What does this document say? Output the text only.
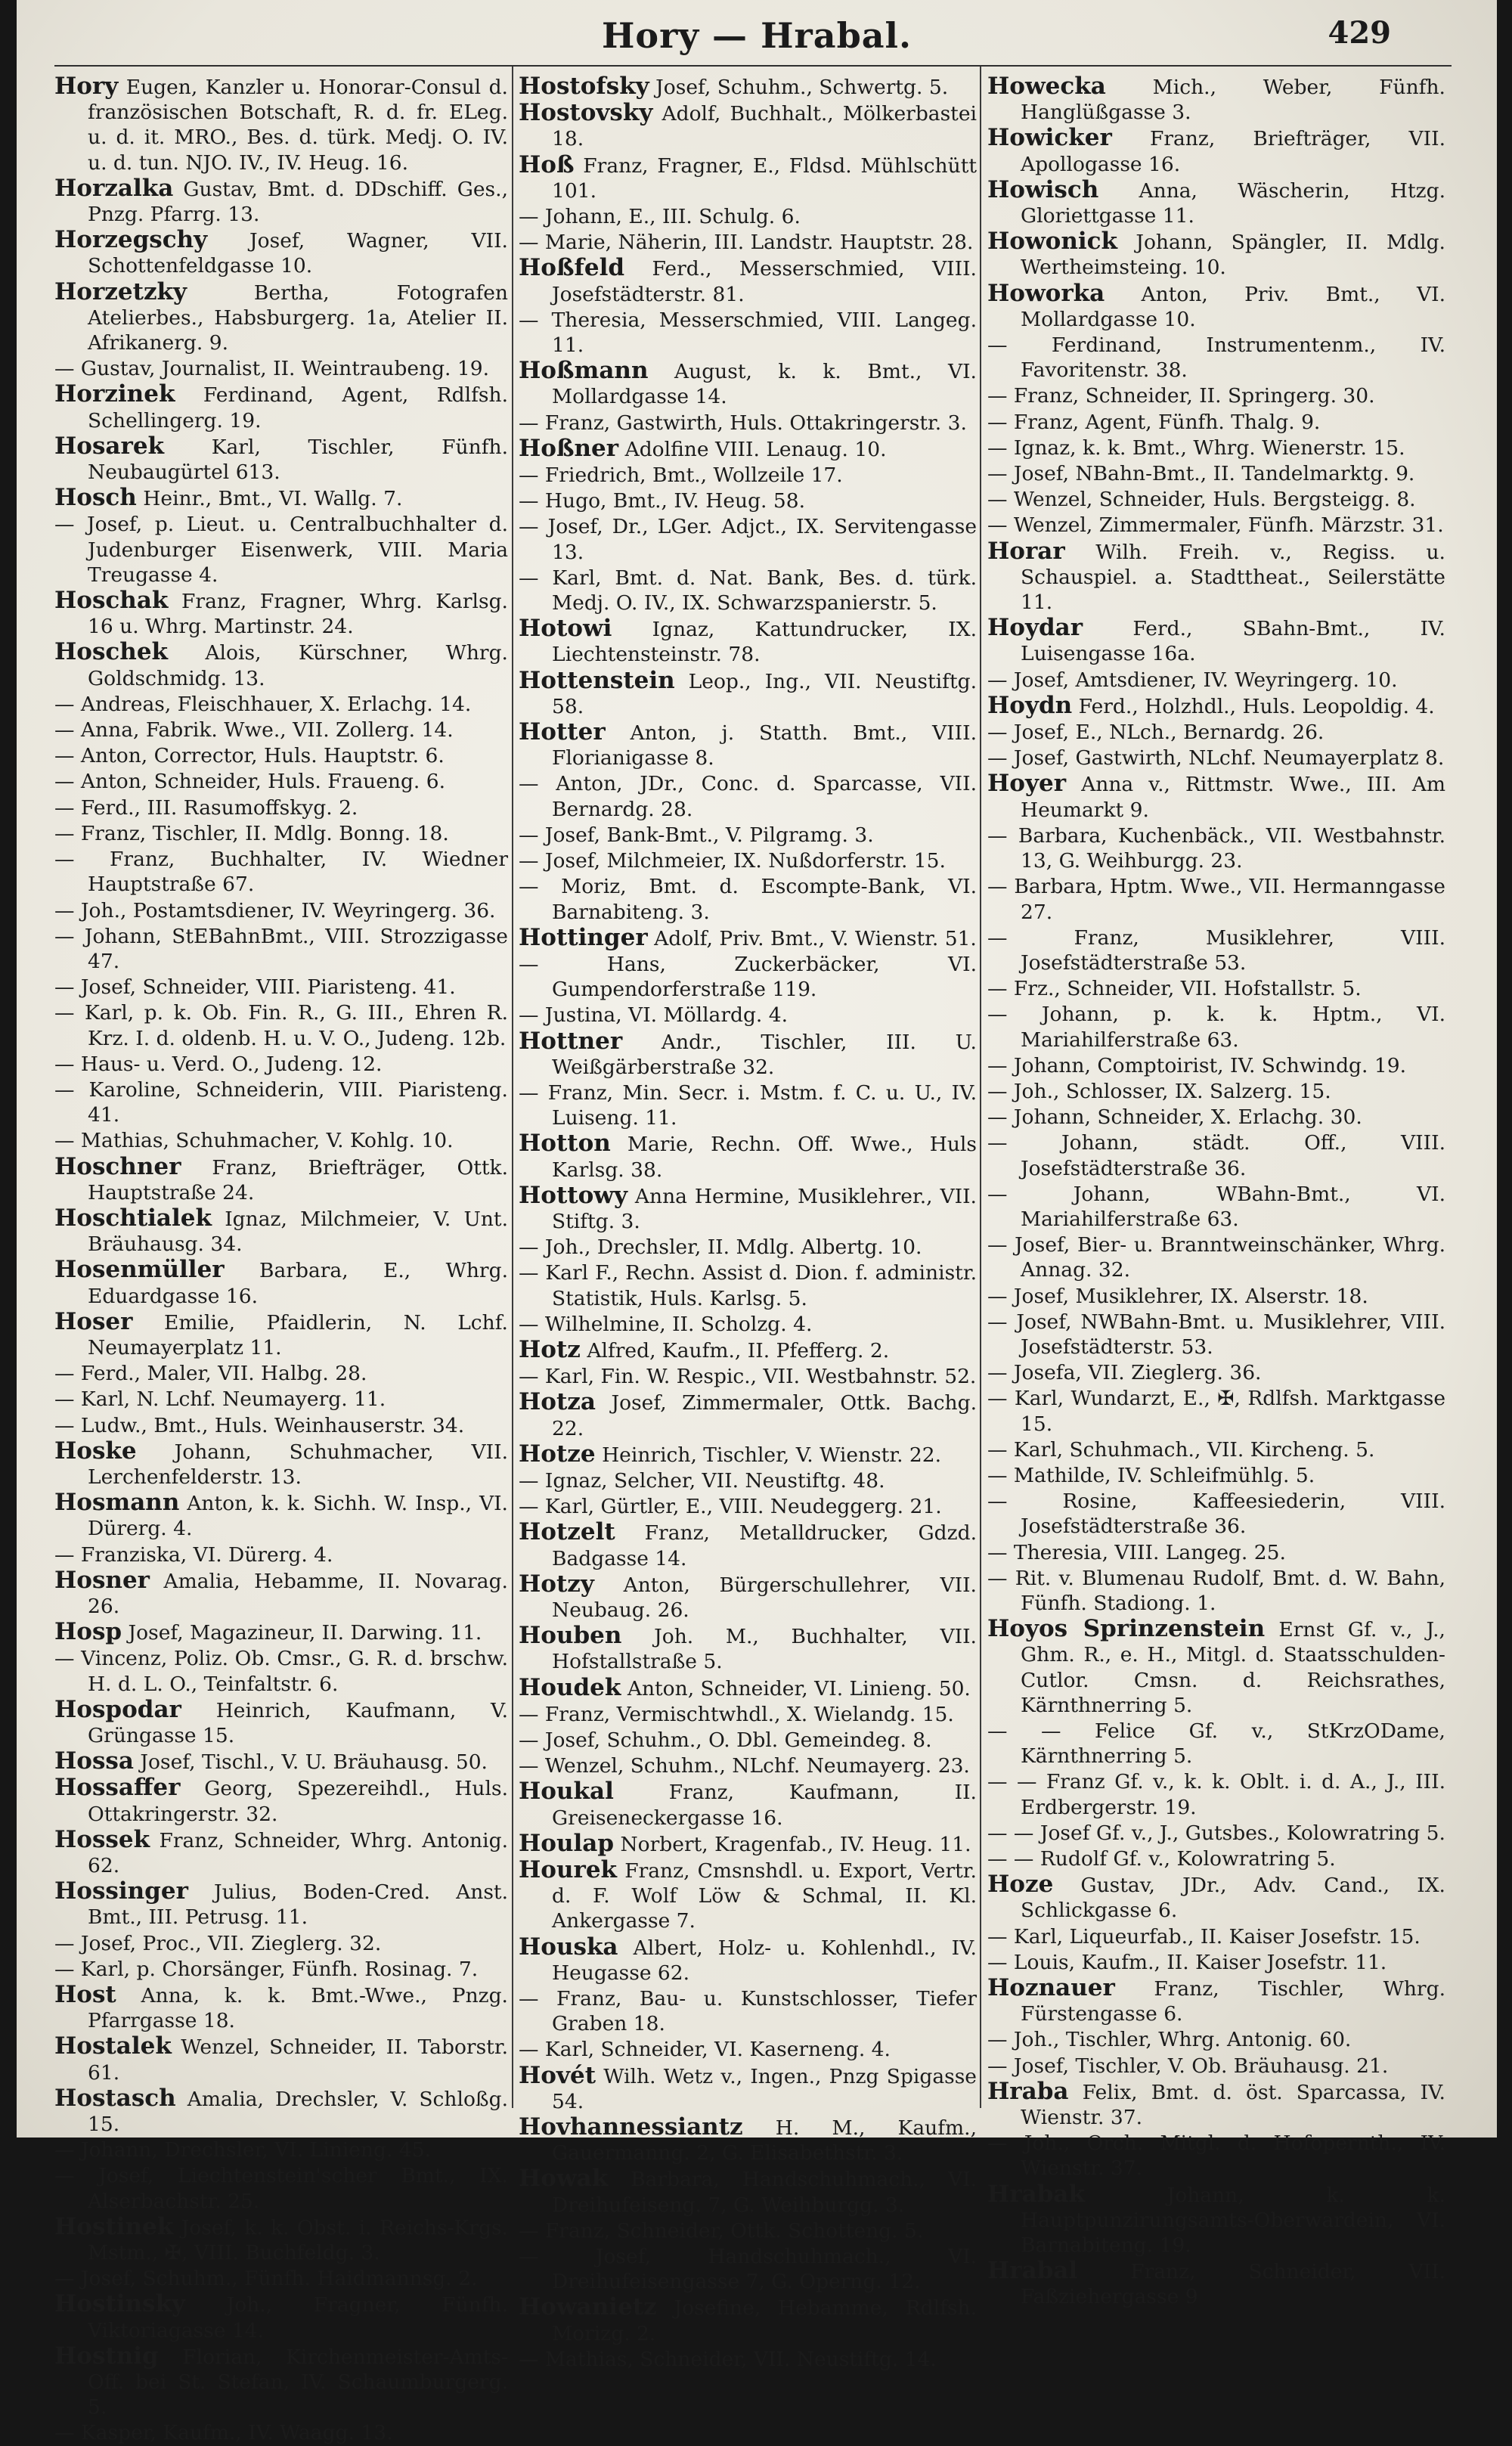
Hory — Hrabal.	429
Hory Eugen, Kanzler u. Honorar-Consul d. französischen Botschaft, R. d. fr. ELeg. u. d. it. MRO., Bes. d. türk. Medj. O. IV. u. d. tun. NJO. IV., IV. Heug. 16.
Horzalka Gustav, Bmt. d. DDschiff. Ges., Pnzg. Pfarrg. 13.
Horzegschy Josef, Wagner, VII. Schottenfeldgasse 10.
Horzetzky	Bertha, Fotografen Atelierbes., Habsburgerg. 1a, Atelier II. Afrikanerg. 9.
— Gustav, Journalist, II. Weintraubeng. 19.
Horzinek Ferdinand, Agent, Rdlfsh. Schellingerg. 19.
Hosarek Karl, Tischler, Fünfh. Neubaugürtel 613.
Hosch Heinr., Bmt., VI. Wallg. 7.
— Josef, p. Lieut. u. Centralbuchhalter d. Judenburger Eisenwerk, VIII. Maria Treugasse 4.
Hoschak Franz, Fragner, Whrg. Karlsg. 16 u. Whrg. Martinstr. 24.
Hoschek Alois, Kürschner, Whrg. Goldschmidg. 13.
— Andreas, Fleischhauer, X. Erlachg. 14.
— Anna, Fabrik. Wwe., VII. Zollerg. 14.
— Anton, Corrector, Huls. Hauptstr. 6.
— Anton, Schneider, Huls. Fraueng. 6.
— Ferd., III. Rasumoffskyg. 2.
— Franz, Tischler, II. Mdlg. Bonng. 18.
— Franz, Buchhalter, IV. Wiedner Hauptstraße 67.
— Joh., Postamtsdiener, IV. Weyringerg. 36.
— Johann, StEBahnBmt., VIII. Strozzigasse 47.
— Josef, Schneider, VIII. Piaristeng. 41.
— Karl, p. k. Ob. Fin. R., G. III., Ehren R. Krz. I. d. oldenb. H. u. V. O., Judeng. 12b.
— Haus- u. Verd. O., Judeng. 12.
— Karoline, Schneiderin, VIII. Piaristeng. 41.
— Mathias, Schuhmacher, V. Kohlg. 10.
Hoschner Franz, Briefträger, Ottk. Hauptstraße 24.
Hoschtialek Ignaz, Milchmeier, V. Unt. Bräuhausg. 34.
Hosenmüller Barbara, E., Whrg. Eduardgasse 16.
Hoser Emilie, Pfaidlerin, N. Lchf. Neumayerplatz 11.
— Ferd., Maler, VII. Halbg. 28.
— Karl, N. Lchf. Neumayerg. 11.
— Ludw., Bmt., Huls. Weinhauserstr. 34.
Hoske Johann, Schuhmacher, VII. Lerchenfelderstr. 13.
Hosmann Anton, k. k. Sichh. W. Insp., VI. Dürerg. 4.
— Franziska, VI. Dürerg. 4.
Hosner Amalia, Hebamme, II. Novarag. 26.
Hosp Josef, Magazineur, II. Darwing. 11.
— Vincenz, Poliz. Ob. Cmsr., G. R. d. brschw. H. d. L. O., Teinfaltstr. 6.
Hospodar Heinrich, Kaufmann, V. Grüngasse 15.
Hossa Josef, Tischl., V. U. Bräuhausg. 50.
Hossaffer Georg, Spezereihdl., Huls. Ottakringerstr. 32.
Hossek Franz, Schneider, Whrg. Antonig. 62.
Hossinger Julius, Boden-Cred. Anst. Bmt., III. Petrusg. 11.
— Josef, Proc., VII. Zieglerg. 32.
— Karl, p. Chorsänger, Fünfh. Rosinag. 7.
Host Anna, k. k. Bmt.-Wwe., Pnzg. Pfarrgasse 18.
Hostalek Wenzel, Schneider, II. Taborstr. 61.
Hostasch Amalia, Drechsler, V. Schloßg. 15.
— Johann, Drechsler, VI. Linieng. 45.
— Josef, Liechtenstein'scher Bmt., IX. Alserbachstr. 25.
Hostinek Josef, k. k. Obst. i. Reichs-Krgs. Mstm., ✠, VIII. Buchfeldg. 3.
— Josef, Schuhm., Fünfh. Haidmannsg. 2.
Hostinsky Joh., Fragner, Fünfh. Viktoriagasse 14.
Hostnig Florian, Kirchenmeister-Amts-Off. bei St. Stefan, IV. Schaumburgerg. 5.
— Kasper, Kaufm., IV. Waagg. 13.
Hostofsky Josef, Schuhm., Schwertg. 5.
Hostovsky Adolf, Buchhalt., Mölkerbastei 18.
Hoß Franz, Fragner, E., Fldsd. Mühlschütt 101.
— Johann, E., III. Schulg. 6.
— Marie, Näherin, III. Landstr. Hauptstr. 28.
Hoßfeld Ferd., Messerschmied, VIII. Josefstädterstr. 81.
— Theresia, Messerschmied, VIII. Langeg. 11.
Hoßmann August, k. k. Bmt., VI. Mollardgasse 14.
— Franz, Gastwirth, Huls. Ottakringerstr. 3.
Hoßner Adolfine VIII. Lenaug. 10.
— Friedrich, Bmt., Wollzeile 17.
— Hugo, Bmt., IV. Heug. 58.
— Josef, Dr., LGer. Adjct., IX. Servitengasse 13.
— Karl, Bmt. d. Nat. Bank, Bes. d. türk. Medj. O. IV., IX. Schwarzspanierstr. 5.
Hotowi Ignaz, Kattundrucker, IX. Liechtensteinstr. 78.
Hottenstein Leop., Ing., VII. Neustiftg. 58.
Hotter Anton, j. Statth. Bmt., VIII. Florianigasse 8.
— Anton, JDr., Conc. d. Sparcasse, VII. Bernardg. 28.
— Josef, Bank-Bmt., V. Pilgramg. 3.
— Josef, Milchmeier, IX. Nußdorferstr. 15.
— Moriz, Bmt. d. Escompte-Bank, VI. Barnabiteng. 3.
Hottinger Adolf, Priv. Bmt., V. Wienstr. 51.
— Hans, Zuckerbäcker, VI. Gumpendorferstraße 119.
— Justina, VI. Möllardg. 4.
Hottner Andr., Tischler, III. U. Weißgärberstraße 32.
— Franz, Min. Secr. i. Mstm. f. C. u. U., IV. Luiseng. 11.
Hotton Marie, Rechn. Off. Wwe., Huls Karlsg. 38.
Hottowy Anna Hermine, Musiklehrer., VII. Stiftg. 3.
— Joh., Drechsler, II. Mdlg. Albertg. 10.
— Karl F., Rechn. Assist d. Dion. f. administr. Statistik, Huls. Karlsg. 5.
— Wilhelmine, II. Scholzg. 4.
Hotz Alfred, Kaufm., II. Pfefferg. 2.
— Karl, Fin. W. Respic., VII. Westbahnstr. 52.
Hotza Josef, Zimmermaler, Ottk. Bachg. 22.
Hotze Heinrich, Tischler, V. Wienstr. 22.
— Ignaz, Selcher, VII. Neustiftg. 48.
— Karl, Gürtler, E., VIII. Neudeggerg. 21.
Hotzelt Franz, Metalldrucker, Gdzd. Badgasse 14.
Hotzy Anton, Bürgerschullehrer, VII. Neubaug. 26.
Houben Joh. M., Buchhalter, VII. Hofstallstraße 5.
Houdek Anton, Schneider, VI. Linieng. 50.
— Franz, Vermischtwhdl., X. Wielandg. 15.
— Josef, Schuhm., O. Dbl. Gemeindeg. 8.
— Wenzel, Schuhm., NLchf. Neumayerg. 23.
Houkal	Franz, Kaufmann, II. Greiseneckergasse 16.
Houlap Norbert, Kragenfab., IV. Heug. 11.
Hourek Franz, Cmsnshdl. u. Export, Vertr. d. F. Wolf Löw & Schmal, II. Kl. Ankergasse 7.
Houska Albert, Holz- u. Kohlenhdl., IV. Heugasse 62.
— Franz, Bau- u. Kunstschlosser, Tiefer Graben 18.
— Karl, Schneider, VI. Kaserneng. 4.
Hovét Wilh. Wetz v., Ingen., Pnzg Spigasse 54.
Hovhannessiantz H. M., Kaufm., Gauermanng. 2, G. Elisabethstr. 3.
Howak Barbara, Handschuhmach., VI. Dreihufeiseng. 7, G. Weihburgg. 3.
— Franz, Schneider, Ottk. Schotteng. 5.
— Josef, Handschuhmach., VI. Dreihufeisengasse 7, G. Operng. 12.
Howanietz Josefine, Hebamme, Rdlfsh. Morizg. 2.
— Mathias, Schneider, VII. Neustiftg. 14.
Howecka Mich., Weber, Fünfh. Hanglüßgasse 3.
Howicker Franz, Briefträger, VII. Apollogasse 16.
Howisch Anna, Wäscherin, Htzg. Gloriettgasse 11.
Howonick Johann, Spängler, II. Mdlg. Wertheimsteing. 10.
Howorka Anton, Priv. Bmt., VI. Mollardgasse 10.
— Ferdinand, Instrumentenm., IV. Favoritenstr. 38.
— Franz, Schneider, II. Springerg. 30.
— Franz, Agent, Fünfh. Thalg. 9.
— Ignaz, k. k. Bmt., Whrg. Wienerstr. 15.
— Josef, NBahn-Bmt., II. Tandelmarktg. 9.
— Wenzel, Schneider, Huls. Bergsteigg. 8.
— Wenzel, Zimmermaler, Fünfh. Märzstr. 31.
Horar Wilh. Freih. v., Regiss. u. Schauspiel. a. Stadttheat., Seilerstätte 11.
Hoydar	Ferd., SBahn-Bmt., IV. Luisengasse 16a.
— Josef, Amtsdiener, IV. Weyringerg. 10.
Hoydn Ferd., Holzhdl., Huls. Leopoldig. 4.
— Josef, E., NLch., Bernardg. 26.
— Josef, Gastwirth, NLchf. Neumayerplatz 8.
Hoyer Anna v., Rittmstr. Wwe., III. Am Heumarkt 9.
— Barbara, Kuchenbäck., VII. Westbahnstr. 13, G. Weihburgg. 23.
— Barbara, Hptm. Wwe., VII. Hermanngasse 27.
— Franz, Musiklehrer, VIII. Josefstädterstraße 53.
— Frz., Schneider, VII. Hofstallstr. 5.
— Johann, p. k. k. Hptm., VI. Mariahilferstraße 63.
— Johann, Comptoirist, IV. Schwindg. 19.
— Joh., Schlosser, IX. Salzerg. 15.
— Johann, Schneider, X. Erlachg. 30.
— Johann, städt. Off., VIII. Josefstädterstraße 36.
— Johann, WBahn-Bmt., VI. Mariahilferstraße 63.
— Josef, Bier- u. Branntweinschänker, Whrg. Annag. 32.
— Josef, Musiklehrer, IX. Alserstr. 18.
— Josef, NWBahn-Bmt. u. Musiklehrer, VIII. Josefstädterstr. 53.
— Josefa, VII. Zieglerg. 36.
— Karl, Wundarzt, E., ✠, Rdlfsh. Marktgasse 15.
— Karl, Schuhmach., VII. Kircheng. 5.
— Mathilde, IV. Schleifmühlg. 5.
— Rosine, Kaffeesiederin, VIII. Josefstädterstraße 36.
— Theresia, VIII. Langeg. 25.
— Rit. v. Blumenau Rudolf, Bmt. d. W. Bahn, Fünfh. Stadiong. 1.
Hoyos Sprinzenstein Ernst Gf. v., J., Ghm. R., e. H., Mitgl. d. Staatsschulden-Cutlor. Cmsn. d. Reichsrathes, Kärnthnerring 5.
— — Felice Gf. v., StKrzODame, Kärnthnerring 5.
— — Franz Gf. v., k. k. Oblt. i. d. A., J., III. Erdbergerstr. 19.
— — Josef Gf. v., J., Gutsbes., Kolowratring 5.
— — Rudolf Gf. v., Kolowratring 5.
Hoze Gustav, JDr., Adv. Cand., IX. Schlickgasse 6.
— Karl, Liqueurfab., II. Kaiser Josefstr. 15.
— Louis, Kaufm., II. Kaiser Josefstr. 11.
Hoznauer Franz, Tischler, Whrg. Fürstengasse 6.
— Joh., Tischler, Whrg. Antonig. 60.
— Josef, Tischler, V. Ob. Bräuhausg. 21.
Hraba Felix, Bmt. d. öst. Sparcassa, IV. Wienstr. 37.
— Joh., Orch. Mitgl. d. Hofopernth., IV. Wienstr. 37.
Hrabak	Johann, k. k. Hauptpunzirungsamts-Oberwardein, VI. Barnabiteng. 19.
Hrabal	Franz, Schneider, VII. Faßziehergasse 9
